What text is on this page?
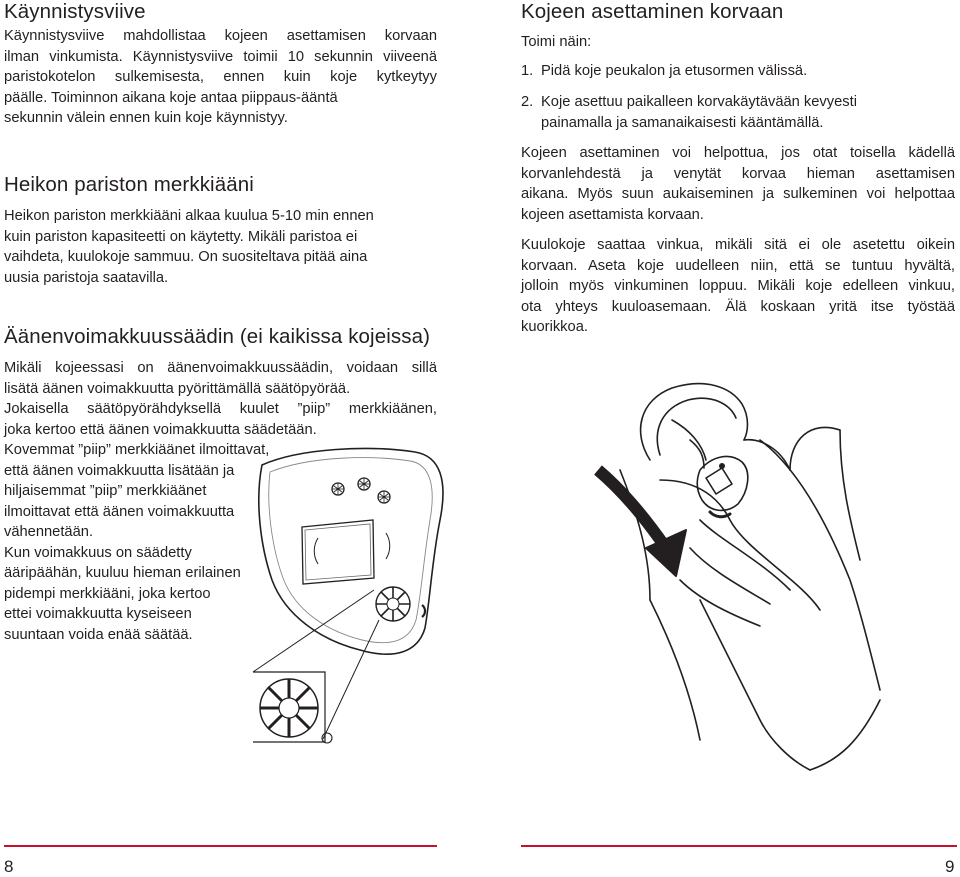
Käynnistysviive
Käynnistysviive mahdollistaa kojeen asettamisen korvaan
ilman vinkumista. Käynnistysviive toimii 10 sekunnin viiveenä
paristokotelon sulkemisesta, ennen kuin koje kytkeytyy
päälle. Toiminnon aikana koje antaa piippaus-ääntä
sekunnin välein ennen kuin koje käynnistyy.
Heikon pariston merkkiääni
Heikon pariston merkkiääni alkaa kuulua 5-10 min ennen
kuin pariston kapasiteetti on käytetty. Mikäli paristoa ei
vaihdeta, kuulokoje sammuu. On suositeltava pitää aina
uusia paristoja saatavilla.
Äänenvoimakkuussäädin (ei kaikissa kojeissa)
Mikäli kojeessasi on äänenvoimakkuussäädin, voidaan sillä
lisätä äänen voimakkuutta pyörittämällä säätöpyörää.
Jokaisella säätöpyörähdyksellä kuulet ”piip” merkkiäänen,
joka kertoo että äänen voimakkuutta säädetään.
Kovemmat ”piip” merkkiäänet ilmoittavat,
että äänen voimakkuutta lisätään ja
hiljaisemmat ”piip” merkkiäänet
ilmoittavat että äänen voimakkuutta
vähennetään.
Kun voimakkuus on säädetty
ääripäähän, kuuluu hieman erilainen
pidempi merkkiääni, joka kertoo
ettei voimakkuutta kyseiseen
suuntaan voida enää säätää.
8
Kojeen asettaminen korvaan
Toimi näin:
1. Pidä koje peukalon ja etusormen välissä.
2. Koje asettuu paikalleen korvakäytävään kevyesti
painamalla ja samanaikaisesti kääntämällä.
Kojeen asettaminen voi helpottua, jos otat toisella kädellä
korvanlehdestä ja venytät korvaa hieman asettamisen
aikana. Myös suun aukaiseminen ja sulkeminen voi helpottaa
kojeen asettamista korvaan.
Kuulokoje saattaa vinkua, mikäli sitä ei ole asetettu oikein
korvaan. Aseta koje uudelleen niin, että se tuntuu hyvältä,
jolloin myös vinkuminen loppuu. Mikäli koje edelleen vinkuu,
ota yhteys kuuloasemaan. Älä koskaan yritä itse työstää
kuorikkoa.
9
